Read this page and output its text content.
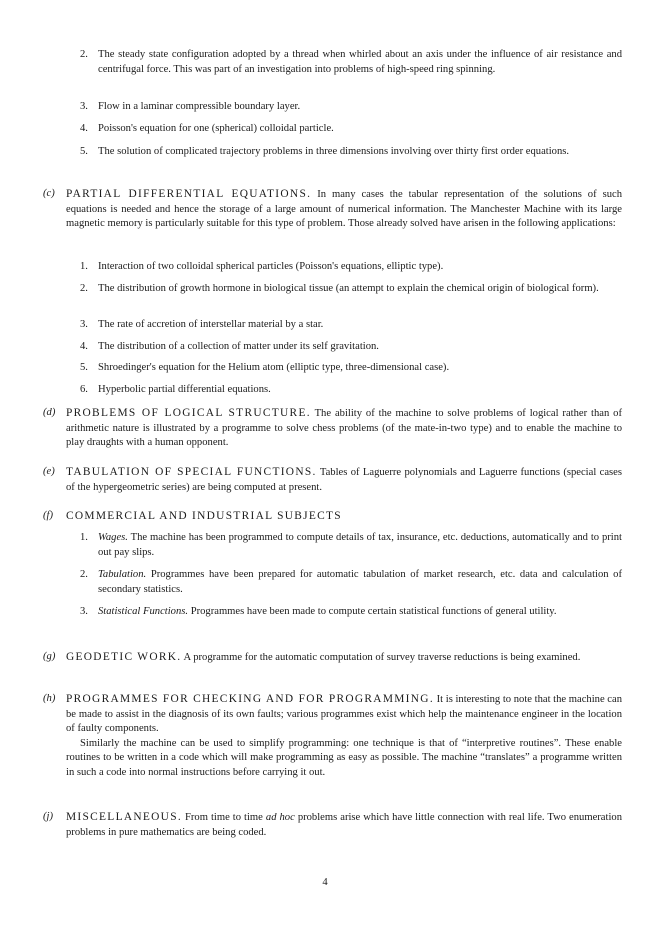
2. The steady state configuration adopted by a thread when whirled about an axis under the influence of air resistance and centrifugal force. This was part of an investigation into problems of high-speed ring spinning.
3. Flow in a laminar compressible boundary layer.
4. Poisson's equation for one (spherical) colloidal particle.
5. The solution of complicated trajectory problems in three dimensions involving over thirty first order equations.
(c) PARTIAL DIFFERENTIAL EQUATIONS. In many cases the tabular representation of the solutions of such equations is needed and hence the storage of a large amount of numerical information. The Manchester Machine with its large magnetic memory is particularly suitable for this type of problem. Those already solved have arisen in the following applications:
1. Interaction of two colloidal spherical particles (Poisson's equations, elliptic type).
2. The distribution of growth hormone in biological tissue (an attempt to explain the chemical origin of biological form).
3. The rate of accretion of interstellar material by a star.
4. The distribution of a collection of matter under its self gravitation.
5. Shroedinger's equation for the Helium atom (elliptic type, three-dimensional case).
6. Hyperbolic partial differential equations.
(d) PROBLEMS OF LOGICAL STRUCTURE. The ability of the machine to solve problems of logical rather than of arithmetic nature is illustrated by a programme to solve chess problems (of the mate-in-two type) and to enable the machine to play draughts with a human opponent.
(e) TABULATION OF SPECIAL FUNCTIONS. Tables of Laguerre polynomials and Laguerre functions (special cases of the hypergeometric series) are being computed at present.
(f) COMMERCIAL AND INDUSTRIAL SUBJECTS
1. Wages. The machine has been programmed to compute details of tax, insurance, etc. deductions, automatically and to print out pay slips.
2. Tabulation. Programmes have been prepared for automatic tabulation of market research, etc. data and calculation of secondary statistics.
3. Statistical Functions. Programmes have been made to compute certain statistical functions of general utility.
(g) GEODETIC WORK. A programme for the automatic computation of survey traverse reductions is being examined.
(h) PROGRAMMES FOR CHECKING AND FOR PROGRAMMING. It is interesting to note that the machine can be made to assist in the diagnosis of its own faults; various programmes exist which help the maintenance engineer in the location of faulty components.
Similarly the machine can be used to simplify programming: one technique is that of “interpretive routines”. These enable routines to be written in a code which will make programming as easy as possible. The machine “translates” a programme written in such a code into normal instructions before carrying it out.
(j) MISCELLANEOUS. From time to time ad hoc problems arise which have little connection with real life. Two enumeration problems in pure mathematics are being coded.
4
